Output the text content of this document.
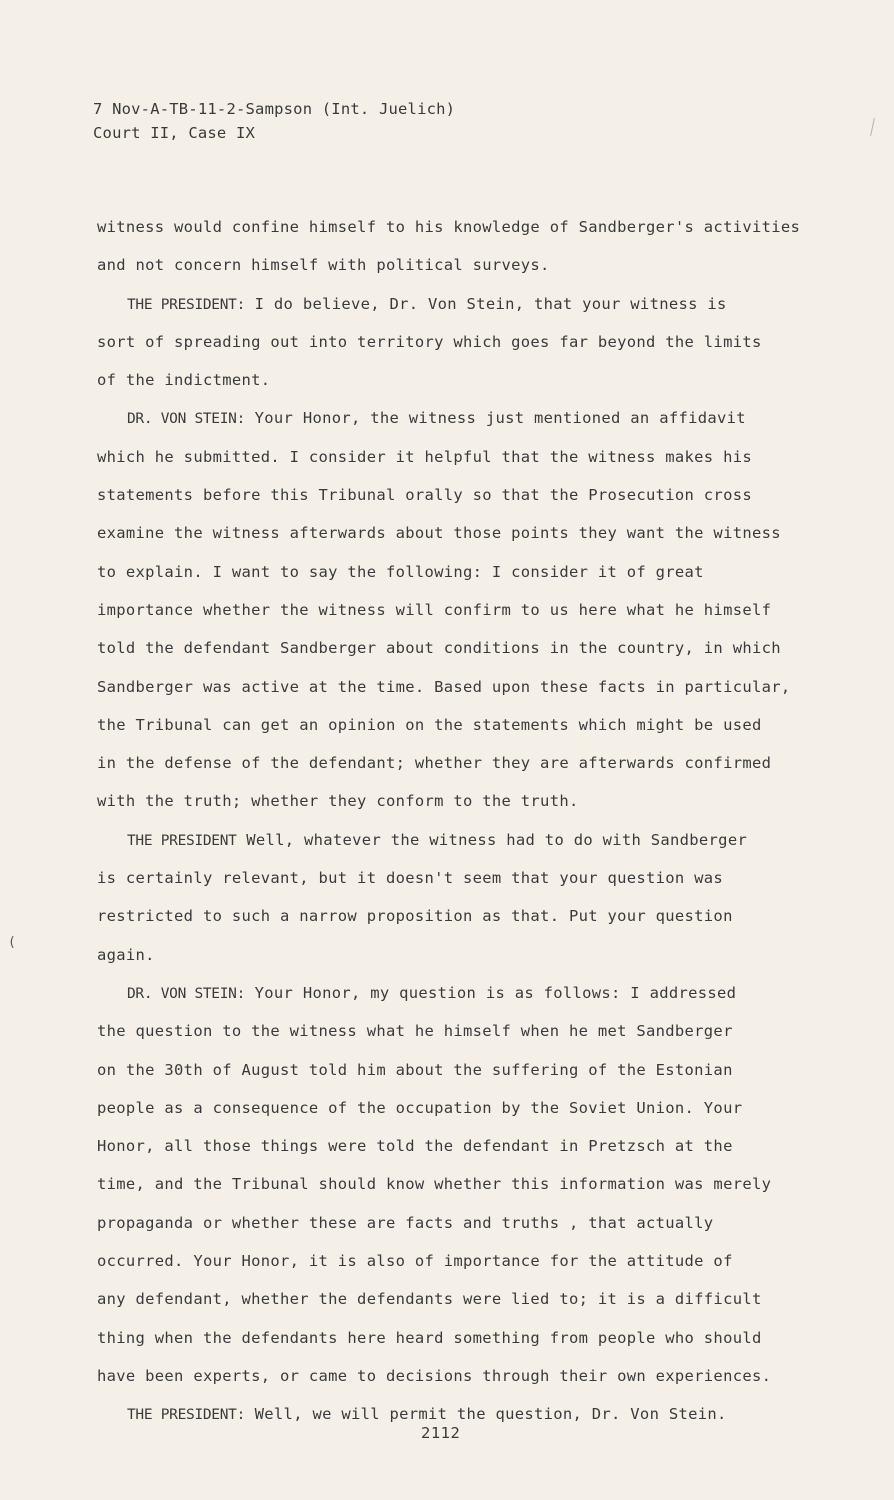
7 Nov-A-TB-11-2-Sampson (Int. Juelich)
Court II, Case IX
witness would confine himself to his knowledge of Sandberger's activities
and not concern himself with political surveys.
THE PRESIDENT: I do believe, Dr. Von Stein, that your witness is
sort of spreading out into territory which goes far beyond the limits
of the indictment.
DR. VON STEIN: Your Honor, the witness just mentioned an affidavit
which he submitted. I consider it helpful that the witness makes his
statements before this Tribunal orally so that the Prosecution cross
examine the witness afterwards about those points they want the witness
to explain. I want to say the following: I consider it of great
importance whether the witness will confirm to us here what he himself
told the defendant Sandberger about conditions in the country, in which
Sandberger was active at the time. Based upon these facts in particular,
the Tribunal can get an opinion on the statements which might be used
in the defense of the defendant; whether they are afterwards confirmed
with the truth; whether they conform to the truth.
THE PRESIDENT Well, whatever the witness had to do with Sandberger
is certainly relevant, but it doesn't seem that your question was
restricted to such a narrow proposition as that. Put your question
again.
DR. VON STEIN: Your Honor, my question is as follows: I addressed
the question to the witness what he himself when he met Sandberger
on the 30th of August told him about the suffering of the Estonian
people as a consequence of the occupation by the Soviet Union. Your
Honor, all those things were told the defendant in Pretzsch at the
time, and the Tribunal should know whether this information was merely
propaganda or whether these are facts and truths , that actually
occurred. Your Honor, it is also of importance for the attitude of
any defendant, whether the defendants were lied to; it is a difficult
thing when the defendants here heard something from people who should
have been experts, or came to decisions through their own experiences.
THE PRESIDENT: Well, we will permit the question, Dr. Von Stein.
(
2112
